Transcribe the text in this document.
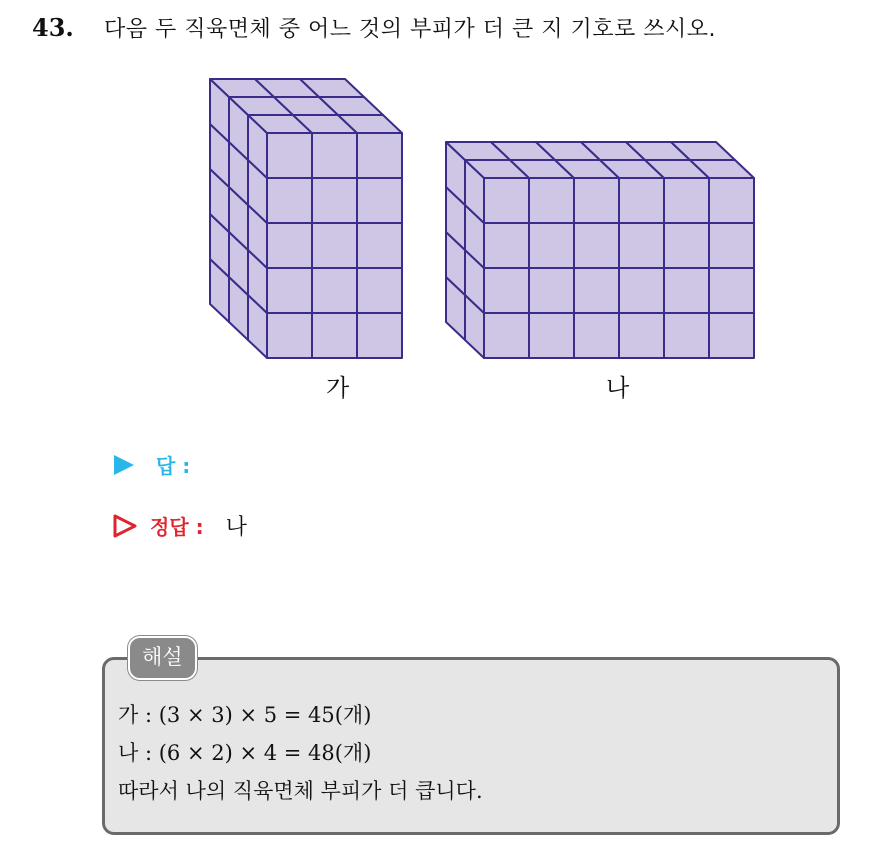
43.	다음 두 직육면체 중 어느 것의 부피가 더 큰 지 기호로 쓰시오.
가	나
답 :
정답 : 나
해설
가 : (3 × 3) × 5 = 45(개)
나 : (6 × 2) × 4 = 48(개)
따라서 나의 직육면체 부피가 더 큽니다.
